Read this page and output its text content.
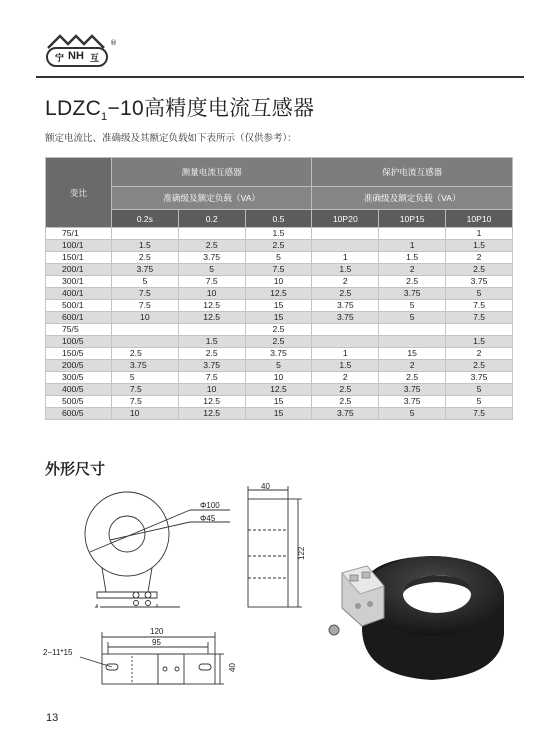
宁 NH 互
®
$LDZC_1-10$高精度电流互感器
额定电流比、准确级及其额定负载如下表所示（仅供参考）：
变比	测量电流互感器			保护电流互感器		
	准确级及额定负载（VA）			准确级及额定负载（VA）		
	0.2s	0.2	0.5	10P20	10P15	10P10
75/1			1.5			1
100/1	1.5	2.5	2.5		1	1.5
150/1	2.5	3.75	5	1	1.5	2
200/1	3.75	5	7.5	1.5	2	2.5
300/1	5	7.5	10	2	2.5	3.75
400/1	7.5	10	12.5	2.5	3.75	5
500/1	7.5	12.5	15	3.75	5	7.5
600/1	10	12.5	15	3.75	5	7.5
75/5			2.5			
100/5		1.5	2.5			1.5
150/5	2.5	2.5	3.75	1	15	2
200/5	3.75	3.75	5	1.5	2	2.5
300/5	5	7.5	10	2	2.5	3.75
400/5	7.5	10	12.5	2.5	3.75	5
500/5	7.5	12.5	15	2.5	3.75	5
600/5	10	12.5	15	3.75	5	7.5
外形尺寸
Φ100
Φ45
40
122
120
95
2−11*15
40
13
